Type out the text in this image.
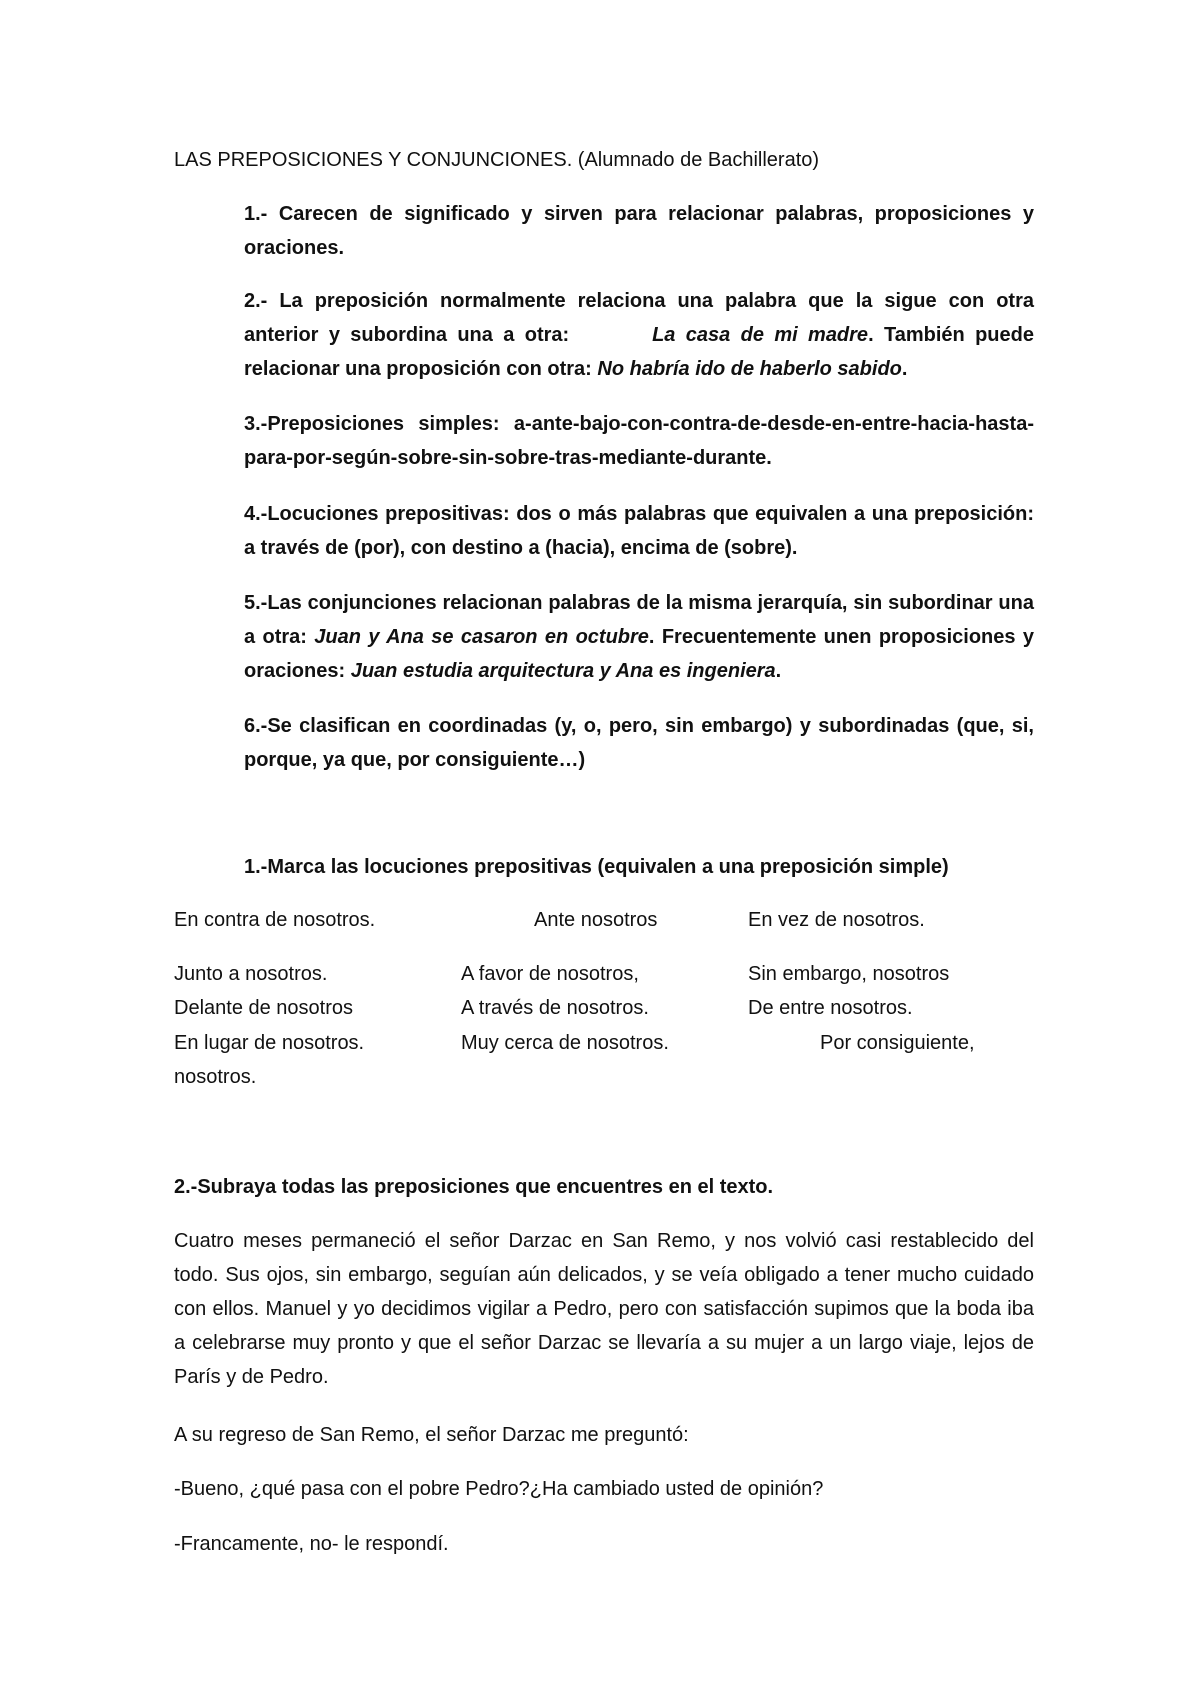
LAS PREPOSICIONES Y CONJUNCIONES. (Alumnado de Bachillerato)
1.- Carecen de significado y sirven para relacionar palabras, proposiciones y oraciones.
2.- La preposición normalmente relaciona una palabra que la sigue con otra anterior y subordina una a otra:	La casa de mi madre. También puede relacionar una proposición con otra: No habría ido de haberlo sabido.
3.-Preposiciones simples: a-ante-bajo-con-contra-de-desde-en-entre-hacia-hasta-para-por-según-sobre-sin-sobre-tras-mediante-durante.
4.-Locuciones prepositivas: dos o más palabras que equivalen a una preposición: a través de (por), con destino a (hacia), encima de (sobre).
5.-Las conjunciones relacionan palabras de la misma jerarquía, sin subordinar una a otra: Juan y Ana se casaron en octubre. Frecuentemente unen proposiciones y oraciones: Juan estudia arquitectura y Ana es ingeniera.
6.-Se clasifican en coordinadas (y, o, pero, sin embargo) y subordinadas (que, si, porque, ya que, por consiguiente…)
1.-Marca las locuciones prepositivas (equivalen a una preposición simple)
En contra de nosotros.	Ante nosotros	En vez de nosotros.
Junto a nosotros.	A favor de nosotros,	Sin embargo, nosotros
Delante de nosotros	A través de nosotros.	De entre nosotros.
En lugar de nosotros.	Muy cerca de nosotros.	Por consiguiente,
nosotros.
2.-Subraya todas las preposiciones que encuentres en el texto.
Cuatro meses permaneció el señor Darzac en San Remo, y nos volvió casi restablecido del todo. Sus ojos, sin embargo, seguían aún delicados, y se veía obligado a tener mucho cuidado con ellos. Manuel y yo decidimos vigilar a Pedro, pero con satisfacción supimos que la boda iba a celebrarse muy pronto y que el señor Darzac se llevaría a su mujer a un largo viaje, lejos de París y de Pedro.
A su regreso de San Remo, el señor Darzac me preguntó:
-Bueno, ¿qué pasa con el pobre Pedro?¿Ha cambiado usted de opinión?
-Francamente, no- le respondí.
